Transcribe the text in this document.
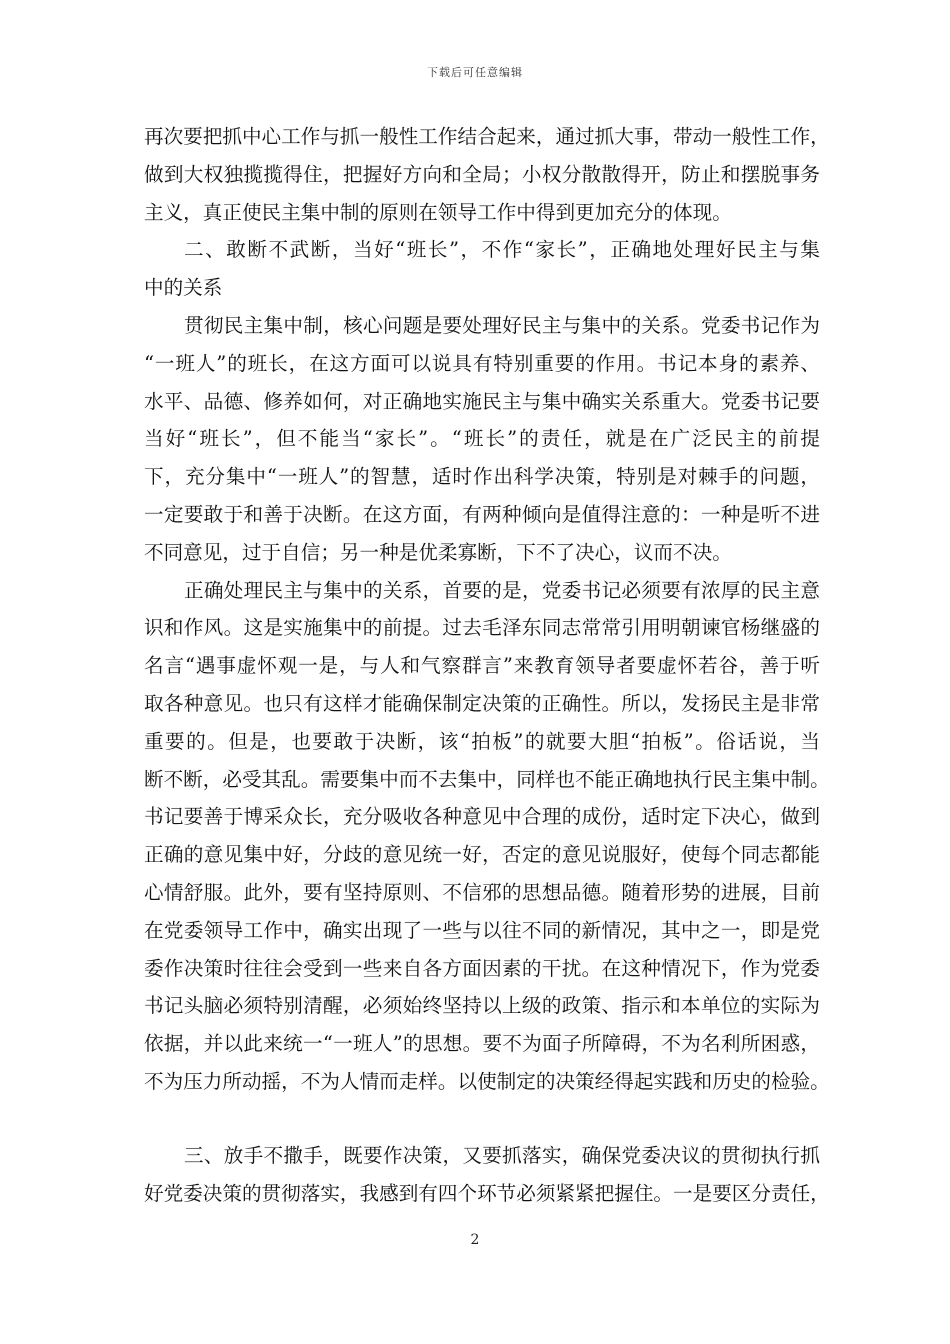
下载后可任意编辑
再次要把抓中心工作与抓一般性工作结合起来，通过抓大事，带动一般性工作，
做到大权独揽揽得住，把握好方向和全局；小权分散散得开，防止和摆脱事务
主义，真正使民主集中制的原则在领导工作中得到更加充分的体现。
二、敢断不武断，当好“班长”，不作“家长”，正确地处理好民主与集
中的关系
贯彻民主集中制，核心问题是要处理好民主与集中的关系。党委书记作为
“一班人”的班长，在这方面可以说具有特别重要的作用。书记本身的素养、
水平、品德、修养如何，对正确地实施民主与集中确实关系重大。党委书记要
当好“班长”，但不能当“家长”。“班长”的责任，就是在广泛民主的前提
下，充分集中“一班人”的智慧，适时作出科学决策，特别是对棘手的问题，
一定要敢于和善于决断。在这方面，有两种倾向是值得注意的：一种是听不进
不同意见，过于自信；另一种是优柔寡断，下不了决心，议而不决。
正确处理民主与集中的关系，首要的是，党委书记必须要有浓厚的民主意
识和作风。这是实施集中的前提。过去毛泽东同志常常引用明朝谏官杨继盛的
名言“遇事虚怀观一是，与人和气察群言”来教育领导者要虚怀若谷，善于听
取各种意见。也只有这样才能确保制定决策的正确性。所以，发扬民主是非常
重要的。但是，也要敢于决断，该“拍板”的就要大胆“拍板”。俗话说，当
断不断，必受其乱。需要集中而不去集中，同样也不能正确地执行民主集中制。
书记要善于博采众长，充分吸收各种意见中合理的成份，适时定下决心，做到
正确的意见集中好，分歧的意见统一好，否定的意见说服好，使每个同志都能
心情舒服。此外，要有坚持原则、不信邪的思想品德。随着形势的进展，目前
在党委领导工作中，确实出现了一些与以往不同的新情况，其中之一，即是党
委作决策时往往会受到一些来自各方面因素的干扰。在这种情况下，作为党委
书记头脑必须特别清醒，必须始终坚持以上级的政策、指示和本单位的实际为
依据，并以此来统一“一班人”的思想。要不为面子所障碍，不为名利所困惑，
不为压力所动摇，不为人情而走样。以使制定的决策经得起实践和历史的检验。
三、放手不撒手，既要作决策，又要抓落实，确保党委决议的贯彻执行抓
好党委决策的贯彻落实，我感到有四个环节必须紧紧把握住。一是要区分责任，
2
